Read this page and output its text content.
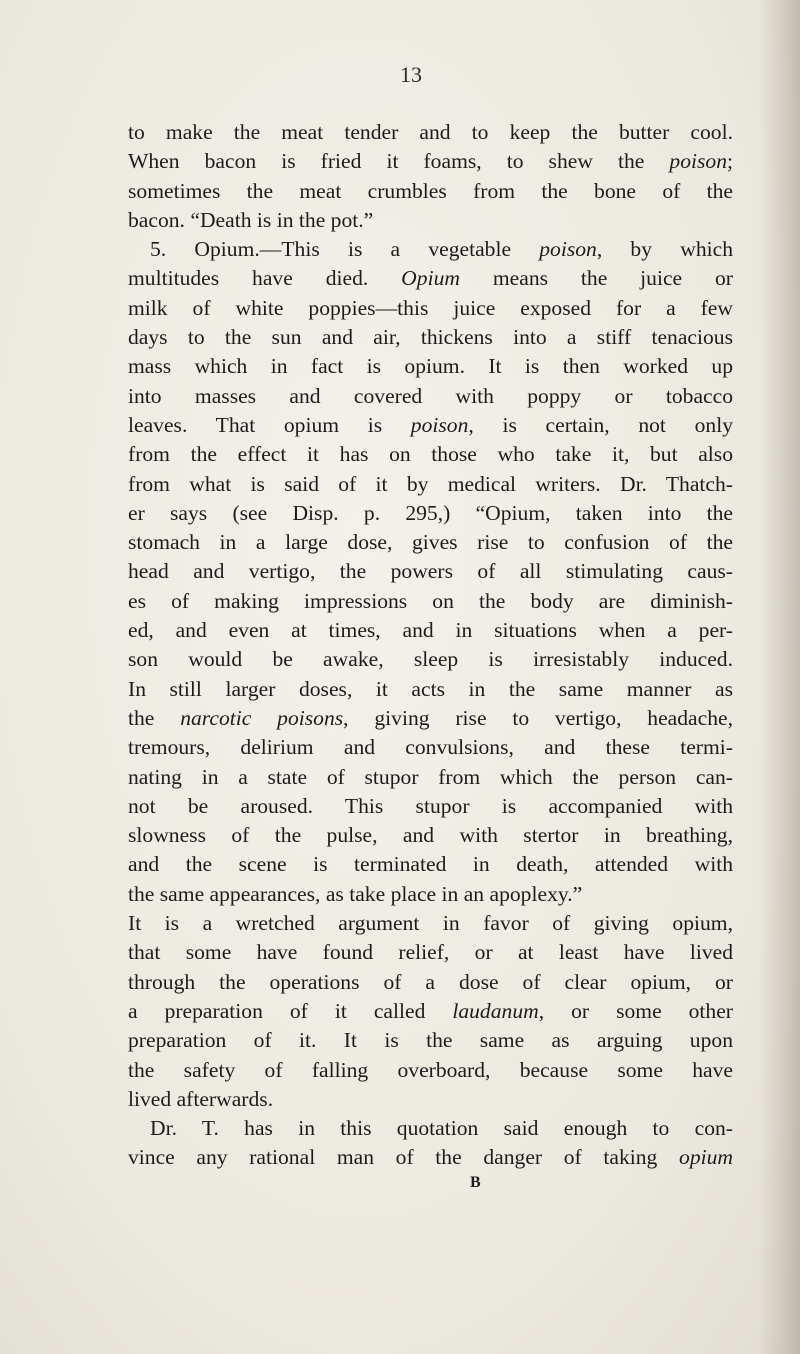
13
to make the meat tender and to keep the butter cool.
When bacon is fried it foams, to shew the poison;
sometimes the meat crumbles from the bone of the
bacon. “Death is in the pot.”
5. Opium.—This is a vegetable poison, by which
multitudes have died. Opium means the juice or
milk of white poppies—this juice exposed for a few
days to the sun and air, thickens into a stiff tenacious
mass which in fact is opium. It is then worked up
into masses and covered with poppy or tobacco
leaves. That opium is poison, is certain, not only
from the effect it has on those who take it, but also
from what is said of it by medical writers. Dr. Thatch-
er says (see Disp. p. 295,) “Opium, taken into the
stomach in a large dose, gives rise to confusion of the
head and vertigo, the powers of all stimulating caus-
es of making impressions on the body are diminish-
ed, and even at times, and in situations when a per-
son would be awake, sleep is irresistably induced.
In still larger doses, it acts in the same manner as
the narcotic poisons, giving rise to vertigo, headache,
tremours, delirium and convulsions, and these termi-
nating in a state of stupor from which the person can-
not be aroused. This stupor is accompanied with
slowness of the pulse, and with stertor in breathing,
and the scene is terminated in death, attended with
the same appearances, as take place in an apoplexy.”
It is a wretched argument in favor of giving opium,
that some have found relief, or at least have lived
through the operations of a dose of clear opium, or
a preparation of it called laudanum, or some other
preparation of it. It is the same as arguing upon
the safety of falling overboard, because some have
lived afterwards.
Dr. T. has in this quotation said enough to con-
vince any rational man of the danger of taking opium
B
